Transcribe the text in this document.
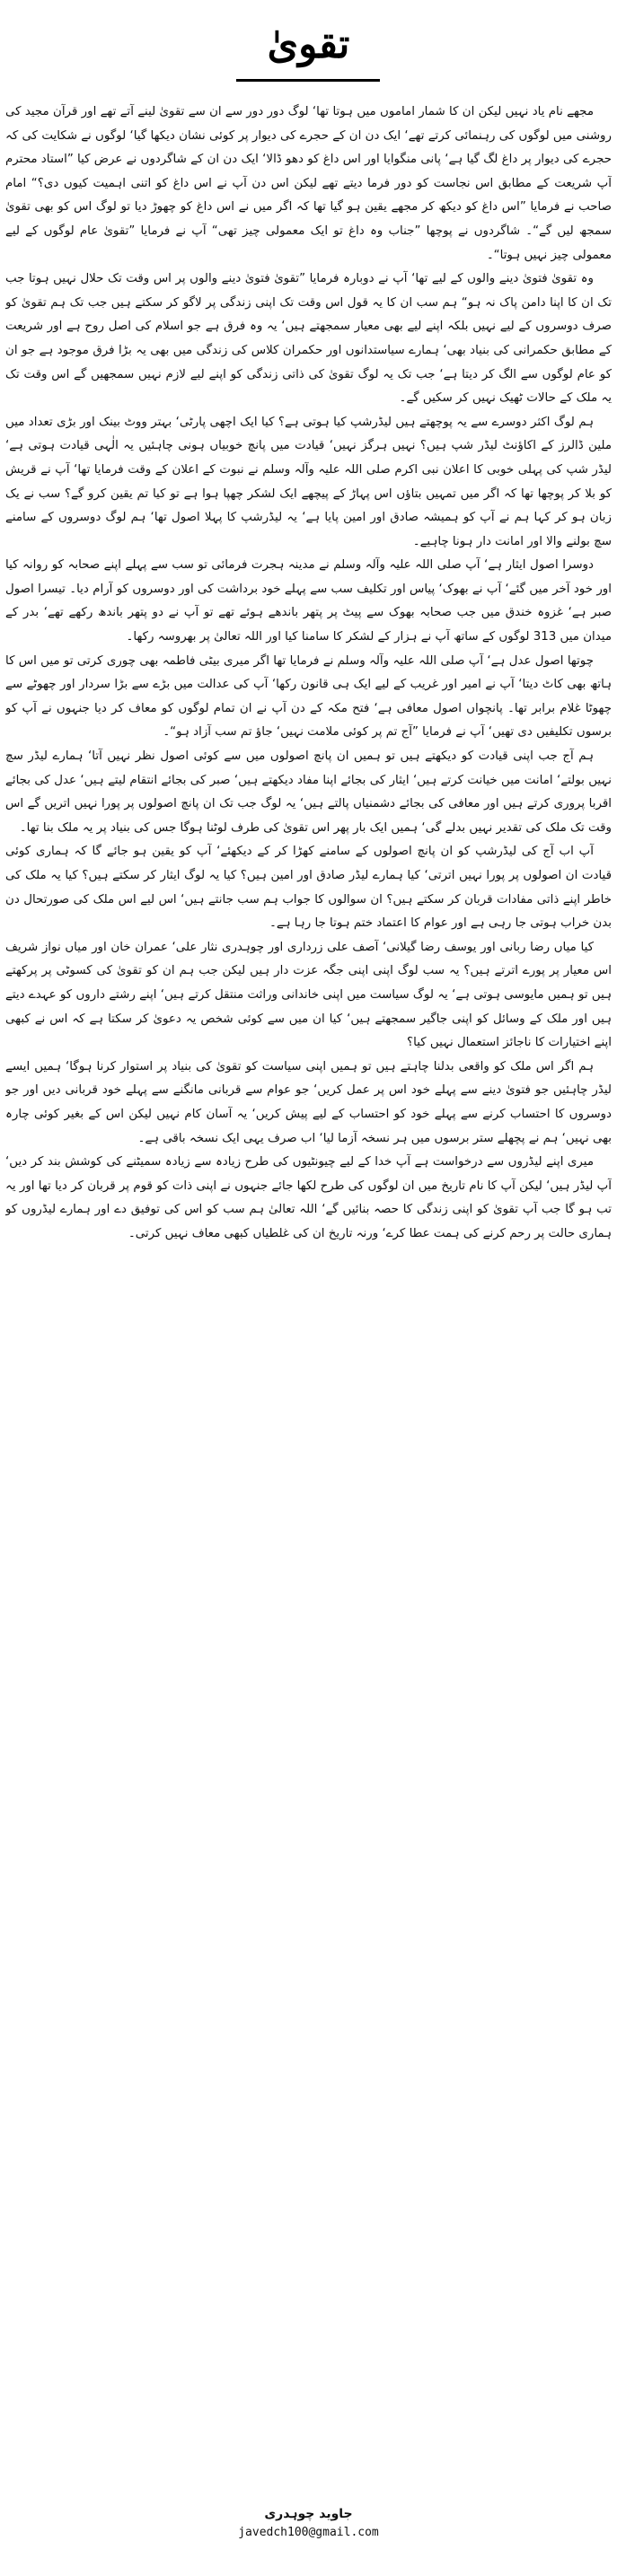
تقویٰ

مجھے نام یاد نہیں لیکن ان کا شمار اماموں میں ہوتا تھا‘ لوگ دور دور سے ان سے تقویٰ لینے آتے تھے اور قرآن مجید کی روشنی میں لوگوں کی رہنمائی کرتے تھے‘ ایک دن ان کے حجرے کی دیوار پر کوئی نشان دیکھا گیا‘ لوگوں نے شکایت کی کہ حجرے کی دیوار پر داغ لگ گیا ہے‘ پانی منگوایا اور اس داغ کو دھو ڈالا‘ ایک دن ان کے شاگردوں نے عرض کیا ”استاد محترم آپ شریعت کے مطابق اس نجاست کو دور فرما دیتے تھے لیکن اس دن آپ نے اس داغ کو اتنی اہمیت کیوں دی؟“ امام صاحب نے فرمایا ”اس داغ کو دیکھ کر مجھے یقین ہو گیا تھا کہ اگر میں نے اس داغ کو چھوڑ دیا تو لوگ اس کو بھی تقویٰ سمجھ لیں گے“۔ شاگردوں نے پوچھا ”جناب وہ داغ تو ایک معمولی چیز تھی“ آپ نے فرمایا ”تقویٰ عام لوگوں کے لیے معمولی چیز نہیں ہوتا“۔

وہ تقویٰ فتویٰ دینے والوں کے لیے تھا‘ آپ نے دوبارہ فرمایا ”تقویٰ فتویٰ دینے والوں پر اس وقت تک حلال نہیں ہوتا جب تک ان کا اپنا دامن پاک نہ ہو“ ہم سب ان کا یہ قول اس وقت تک اپنی زندگی پر لاگو کر سکتے ہیں جب تک ہم تقویٰ کو صرف دوسروں کے لیے نہیں بلکہ اپنے لیے بھی معیار سمجھتے ہیں‘ یہ وہ فرق ہے جو اسلام کی اصل روح ہے اور شریعت کے مطابق حکمرانی کی بنیاد بھی‘ ہمارے سیاستدانوں اور حکمران کلاس کی زندگی میں بھی یہ بڑا فرق موجود ہے جو ان کو عام لوگوں سے الگ کر دیتا ہے‘ جب تک یہ لوگ تقویٰ کی ذاتی زندگی کو اپنے لیے لازم نہیں سمجھیں گے اس وقت تک یہ ملک کے حالات ٹھیک نہیں کر سکیں گے۔

ہم لوگ اکثر دوسرے سے یہ پوچھتے ہیں لیڈرشپ کیا ہوتی ہے؟ کیا ایک اچھی پارٹی‘ بہتر ووٹ بینک اور بڑی تعداد میں ملین ڈالرز کے اکاؤنٹ لیڈر شپ ہیں؟ نہیں ہرگز نہیں‘ قیادت میں پانچ خوبیاں ہونی چاہئیں یہ الٰہی قیادت ہوتی ہے‘ لیڈر شپ کی پہلی خوبی کا اعلان نبی اکرم صلی اللہ علیہ وآلہ وسلم نے نبوت کے اعلان کے وقت فرمایا تھا‘ آپ نے قریش کو بلا کر پوچھا تھا کہ اگر میں تمہیں بتاؤں اس پہاڑ کے پیچھے ایک لشکر چھپا ہوا ہے تو کیا تم یقین کرو گے؟ سب نے یک زبان ہو کر کہا ہم نے آپ کو ہمیشہ صادق اور امین پایا ہے‘ یہ لیڈرشپ کا پہلا اصول تھا‘ ہم لوگ دوسروں کے سامنے سچ بولنے والا اور امانت دار ہونا چاہیے۔

دوسرا اصول ایثار ہے‘ آپ صلی اللہ علیہ وآلہ وسلم نے مدینہ ہجرت فرمائی تو سب سے پہلے اپنے صحابہ کو روانہ کیا اور خود آخر میں گئے‘ آپ نے بھوک‘ پیاس اور تکلیف سب سے پہلے خود برداشت کی اور دوسروں کو آرام دیا۔ تیسرا اصول صبر ہے‘ غزوہ خندق میں جب صحابہ بھوک سے پیٹ پر پتھر باندھے ہوئے تھے تو آپ نے دو پتھر باندھ رکھے تھے‘ بدر کے میدان میں 313 لوگوں کے ساتھ آپ نے ہزار کے لشکر کا سامنا کیا اور اللہ تعالیٰ پر بھروسہ رکھا۔

چوتھا اصول عدل ہے‘ آپ صلی اللہ علیہ وآلہ وسلم نے فرمایا تھا اگر میری بیٹی فاطمہ بھی چوری کرتی تو میں اس کا ہاتھ بھی کاٹ دیتا‘ آپ نے امیر اور غریب کے لیے ایک ہی قانون رکھا‘ آپ کی عدالت میں بڑے سے بڑا سردار اور چھوٹے سے چھوٹا غلام برابر تھا۔ پانچواں اصول معافی ہے‘ فتح مکہ کے دن آپ نے ان تمام لوگوں کو معاف کر دیا جنہوں نے آپ کو برسوں تکلیفیں دی تھیں‘ آپ نے فرمایا ”آج تم پر کوئی ملامت نہیں‘ جاؤ تم سب آزاد ہو“۔

ہم آج جب اپنی قیادت کو دیکھتے ہیں تو ہمیں ان پانچ اصولوں میں سے کوئی اصول نظر نہیں آتا‘ ہمارے لیڈر سچ نہیں بولتے‘ امانت میں خیانت کرتے ہیں‘ ایثار کی بجائے اپنا مفاد دیکھتے ہیں‘ صبر کی بجائے انتقام لیتے ہیں‘ عدل کی بجائے اقربا پروری کرتے ہیں اور معافی کی بجائے دشمنیاں پالتے ہیں‘ یہ لوگ جب تک ان پانچ اصولوں پر پورا نہیں اتریں گے اس وقت تک ملک کی تقدیر نہیں بدلے گی‘ ہمیں ایک بار پھر اس تقویٰ کی طرف لوٹنا ہوگا جس کی بنیاد پر یہ ملک بنا تھا۔

آپ اب آج کی لیڈرشپ کو ان پانچ اصولوں کے سامنے کھڑا کر کے دیکھئے‘ آپ کو یقین ہو جائے گا کہ ہماری کوئی قیادت ان اصولوں پر پورا نہیں اترتی‘ کیا ہمارے لیڈر صادق اور امین ہیں؟ کیا یہ لوگ ایثار کر سکتے ہیں؟ کیا یہ ملک کی خاطر اپنے ذاتی مفادات قربان کر سکتے ہیں؟ ان سوالوں کا جواب ہم سب جانتے ہیں‘ اس لیے اس ملک کی صورتحال دن بدن خراب ہوتی جا رہی ہے اور عوام کا اعتماد ختم ہوتا جا رہا ہے۔

کیا میاں رضا ربانی اور یوسف رضا گیلانی‘ آصف علی زرداری اور چوہدری نثار علی‘ عمران خان اور میاں نواز شریف اس معیار پر پورے اترتے ہیں؟ یہ سب لوگ اپنی اپنی جگہ عزت دار ہیں لیکن جب ہم ان کو تقویٰ کی کسوٹی پر پرکھتے ہیں تو ہمیں مایوسی ہوتی ہے‘ یہ لوگ سیاست میں اپنی خاندانی وراثت منتقل کرتے ہیں‘ اپنے رشتے داروں کو عہدے دیتے ہیں اور ملک کے وسائل کو اپنی جاگیر سمجھتے ہیں‘ کیا ان میں سے کوئی شخص یہ دعویٰ کر سکتا ہے کہ اس نے کبھی اپنے اختیارات کا ناجائز استعمال نہیں کیا؟

ہم اگر اس ملک کو واقعی بدلنا چاہتے ہیں تو ہمیں اپنی سیاست کو تقویٰ کی بنیاد پر استوار کرنا ہوگا‘ ہمیں ایسے لیڈر چاہئیں جو فتویٰ دینے سے پہلے خود اس پر عمل کریں‘ جو عوام سے قربانی مانگنے سے پہلے خود قربانی دیں اور جو دوسروں کا احتساب کرنے سے پہلے خود کو احتساب کے لیے پیش کریں‘ یہ آسان کام نہیں لیکن اس کے بغیر کوئی چارہ بھی نہیں‘ ہم نے پچھلے ستر برسوں میں ہر نسخہ آزما لیا‘ اب صرف یہی ایک نسخہ باقی ہے۔

میری اپنے لیڈروں سے درخواست ہے آپ خدا کے لیے چیونٹیوں کی طرح زیادہ سے زیادہ سمیٹنے کی کوشش بند کر دیں‘ آپ لیڈر ہیں‘ لیکن آپ کا نام تاریخ میں ان لوگوں کی طرح لکھا جائے جنہوں نے اپنی ذات کو قوم پر قربان کر دیا تھا اور یہ تب ہو گا جب آپ تقویٰ کو اپنی زندگی کا حصہ بنائیں گے‘ اللہ تعالیٰ ہم سب کو اس کی توفیق دے اور ہمارے لیڈروں کو ہماری حالت پر رحم کرنے کی ہمت عطا کرے‘ ورنہ تاریخ ان کی غلطیاں کبھی معاف نہیں کرتی۔

جاوید چوہدری
javedch100@gmail.com
